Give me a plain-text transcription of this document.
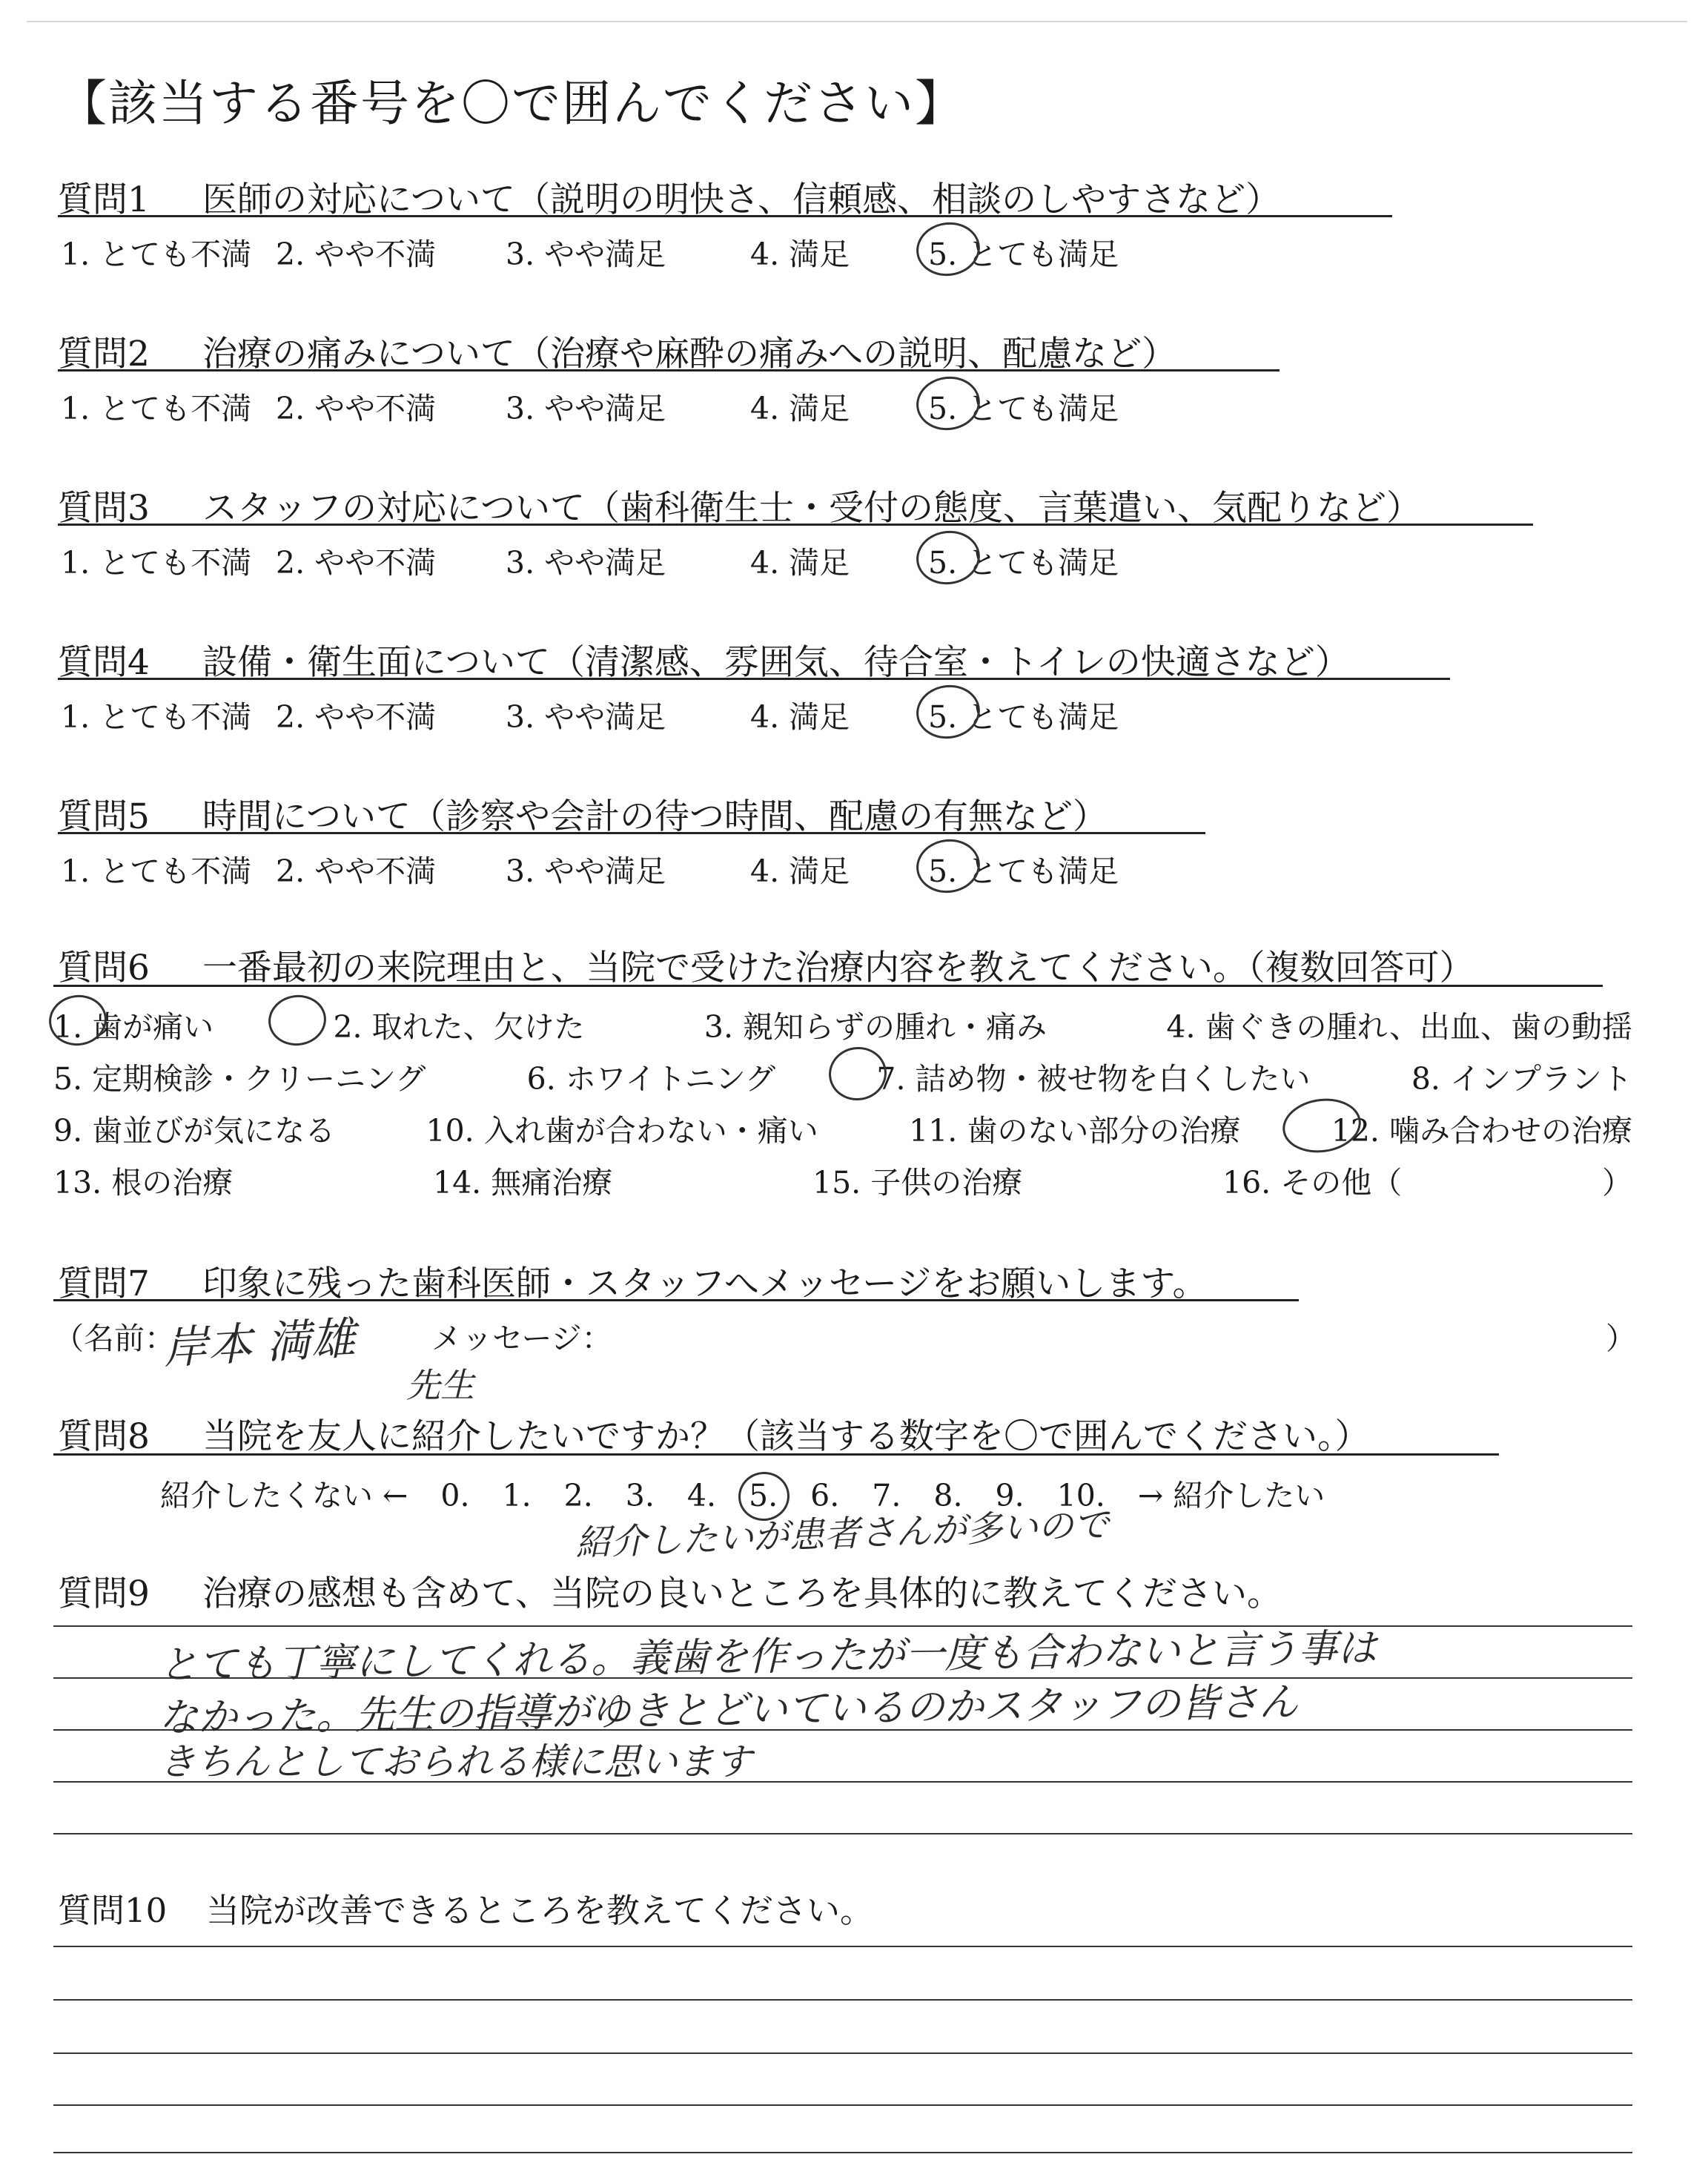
【該当する番号を〇で囲んでください】
質問1 医師の対応について（説明の明快さ、信頼感、相談のしやすさなど）
1. とても不満 2. やや不満 3. やや満足	4. 満足	5. とても満足
質問2 治療の痛みについて（治療や麻酔の痛みへの説明、配慮など）
1. とても不満 2. やや不満 3. やや満足	4. 満足	5. とても満足
質問3 スタッフの対応について（歯科衛生士・受付の態度、言葉遣い、気配りなど）
1. とても不満 2. やや不満 3. やや満足	4. 満足	5. とても満足
質問4 設備・衛生面について（清潔感、雰囲気、待合室・トイレの快適さなど）
1. とても不満 2. やや不満 3. やや満足	4. 満足	5. とても満足
質問5 時間について（診察や会計の待つ時間、配慮の有無など）
1. とても不満 2. やや不満 3. やや満足	4. 満足	5. とても満足
質問6 一番最初の来院理由と、当院で受けた治療内容を教えてください。（複数回答可）
1. 歯が痛い	2. 取れた、欠けた	3. 親知らずの腫れ・痛み	4. 歯ぐきの腫れ、出血、歯の動揺
5. 定期検診・クリーニング	6. ホワイトニング	7. 詰め物・被せ物を白くしたい	8. インプラント
9. 歯並びが気になる	10. 入れ歯が合わない・痛い	11. 歯のない部分の治療	12. 噛み合わせの治療
13. 根の治療	14. 無痛治療	15. 子供の治療	16. その他（	）
質問7 印象に残った歯科医師・スタッフへメッセージをお願いします。
（名前：	メッセージ：	）
岸本 満雄
先生
質問8 当院を友人に紹介したいですか？（該当する数字を〇で囲んでください。）
紹介したくない ← 0. 1. 2. 3. 4. 5. 6. 7. 8. 9. 10. → 紹介したい
紹介したいが患者さんが多いので
質問9 治療の感想も含めて、当院の良いところを具体的に教えてください。
とても丁寧にしてくれる。義歯を作ったが一度も合わないと言う事は
なかった。先生の指導がゆきとどいているのかスタッフの皆さん
きちんとしておられる様に思います
質問10 当院が改善できるところを教えてください。
